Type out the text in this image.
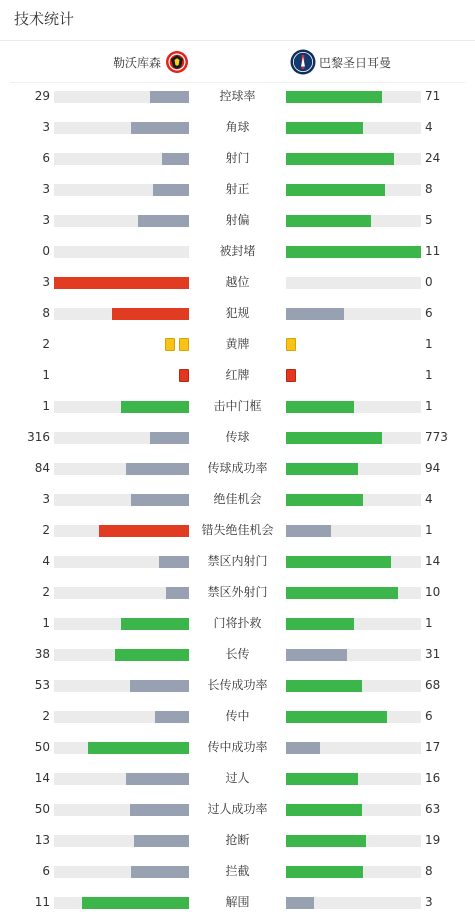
技术统计
勒沃库森	巴黎圣日耳曼
29	控球率	71
3	角球	4
6	射门	24
3	射正	8
3	射偏	5
0	被封堵	11
3	越位	0
8	犯规	6
2	黄牌	1
1	红牌	1
1	击中门框	1
316	传球	773
84	传球成功率	94
3	绝佳机会	4
2	错失绝佳机会	1
4	禁区内射门	14
2	禁区外射门	10
1	门将扑救	1
38	长传	31
53	长传成功率	68
2	传中	6
50	传中成功率	17
14	过人	16
50	过人成功率	63
13	抢断	19
6	拦截	8
11	解围	3
